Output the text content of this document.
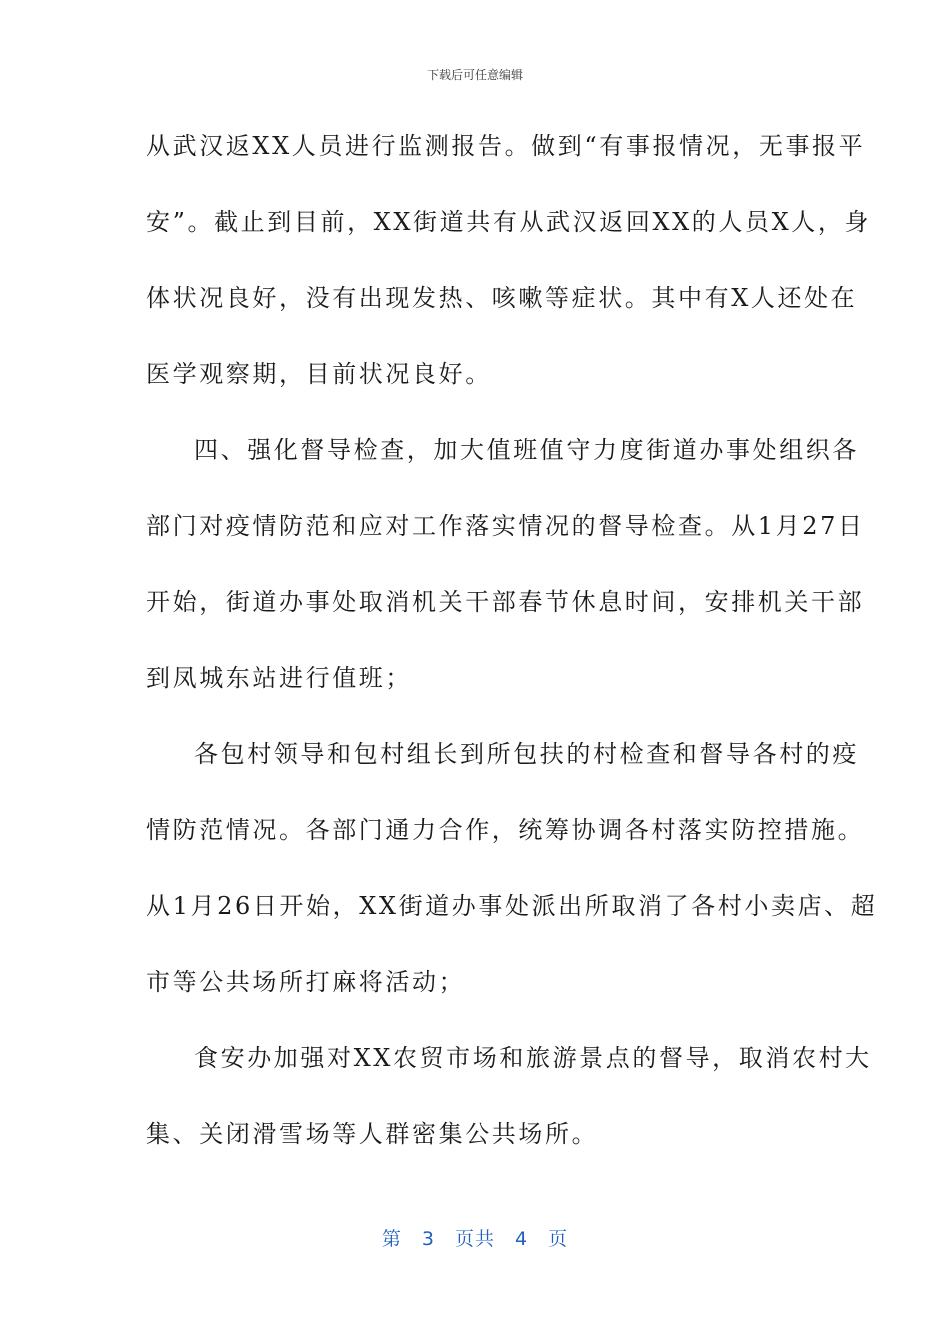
下载后可任意编辑
从武汉返XX人员进行监测报告。做到“有事报情况，无事报平
安”。截止到目前，XX街道共有从武汉返回XX的人员X人，身
体状况良好，没有出现发热、咳嗽等症状。其中有X人还处在
医学观察期，目前状况良好。
四、强化督导检查，加大值班值守力度街道办事处组织各
部门对疫情防范和应对工作落实情况的督导检查。从1月27日
开始，街道办事处取消机关干部春节休息时间，安排机关干部
到凤城东站进行值班；
各包村领导和包村组长到所包扶的村检查和督导各村的疫
情防范情况。各部门通力合作，统筹协调各村落实防控措施。
从1月26日开始，XX街道办事处派出所取消了各村小卖店、超
市等公共场所打麻将活动；
食安办加强对XX农贸市场和旅游景点的督导，取消农村大
集、关闭滑雪场等人群密集公共场所。
第 3 页共 4 页
